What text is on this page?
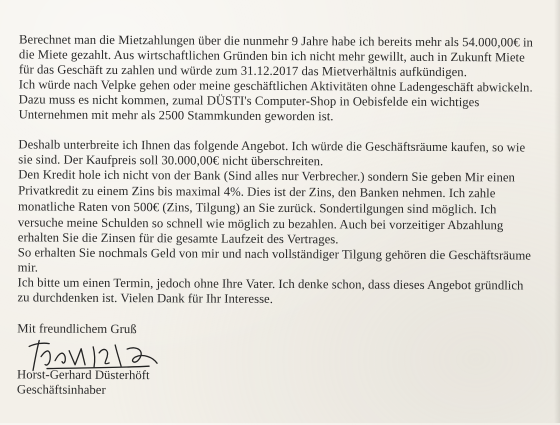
Berechnet man die Mietzahlungen über die nunmehr 9 Jahre habe ich bereits mehr als 54.000,00€ in
die Miete gezahlt. Aus wirtschaftlichen Gründen bin ich nicht mehr gewillt, auch in Zukunft Miete
für das Geschäft zu zahlen und würde zum 31.12.2017 das Mietverhältnis aufkündigen.
Ich würde nach Velpke gehen oder meine geschäftlichen Aktivitäten ohne Ladengeschäft abwickeln.
Dazu muss es nicht kommen, zumal DÜSTI's Computer-Shop in Oebisfelde ein wichtiges
Unternehmen mit mehr als 2500 Stammkunden geworden ist.
Deshalb unterbreite ich Ihnen das folgende Angebot. Ich würde die Geschäftsräume kaufen, so wie
sie sind. Der Kaufpreis soll 30.000,00€ nicht überschreiten.
Den Kredit hole ich nicht von der Bank (Sind alles nur Verbrecher.) sondern Sie geben Mir einen
Privatkredit zu einem Zins bis maximal 4%. Dies ist der Zins, den Banken nehmen. Ich zahle
monatliche Raten von 500€ (Zins, Tilgung) an Sie zurück. Sondertilgungen sind möglich. Ich
versuche meine Schulden so schnell wie möglich zu bezahlen. Auch bei vorzeitiger Abzahlung
erhalten Sie die Zinsen für die gesamte Laufzeit des Vertrages.
So erhalten Sie nochmals Geld von mir und nach vollständiger Tilgung gehören die Geschäftsräume
mir.
Ich bitte um einen Termin, jedoch ohne Ihre Vater. Ich denke schon, dass dieses Angebot gründlich
zu durchdenken ist. Vielen Dank für Ihr Interesse.
Mit freundlichem Gruß
Horst-Gerhard Düsterhöft
Geschäftsinhaber
